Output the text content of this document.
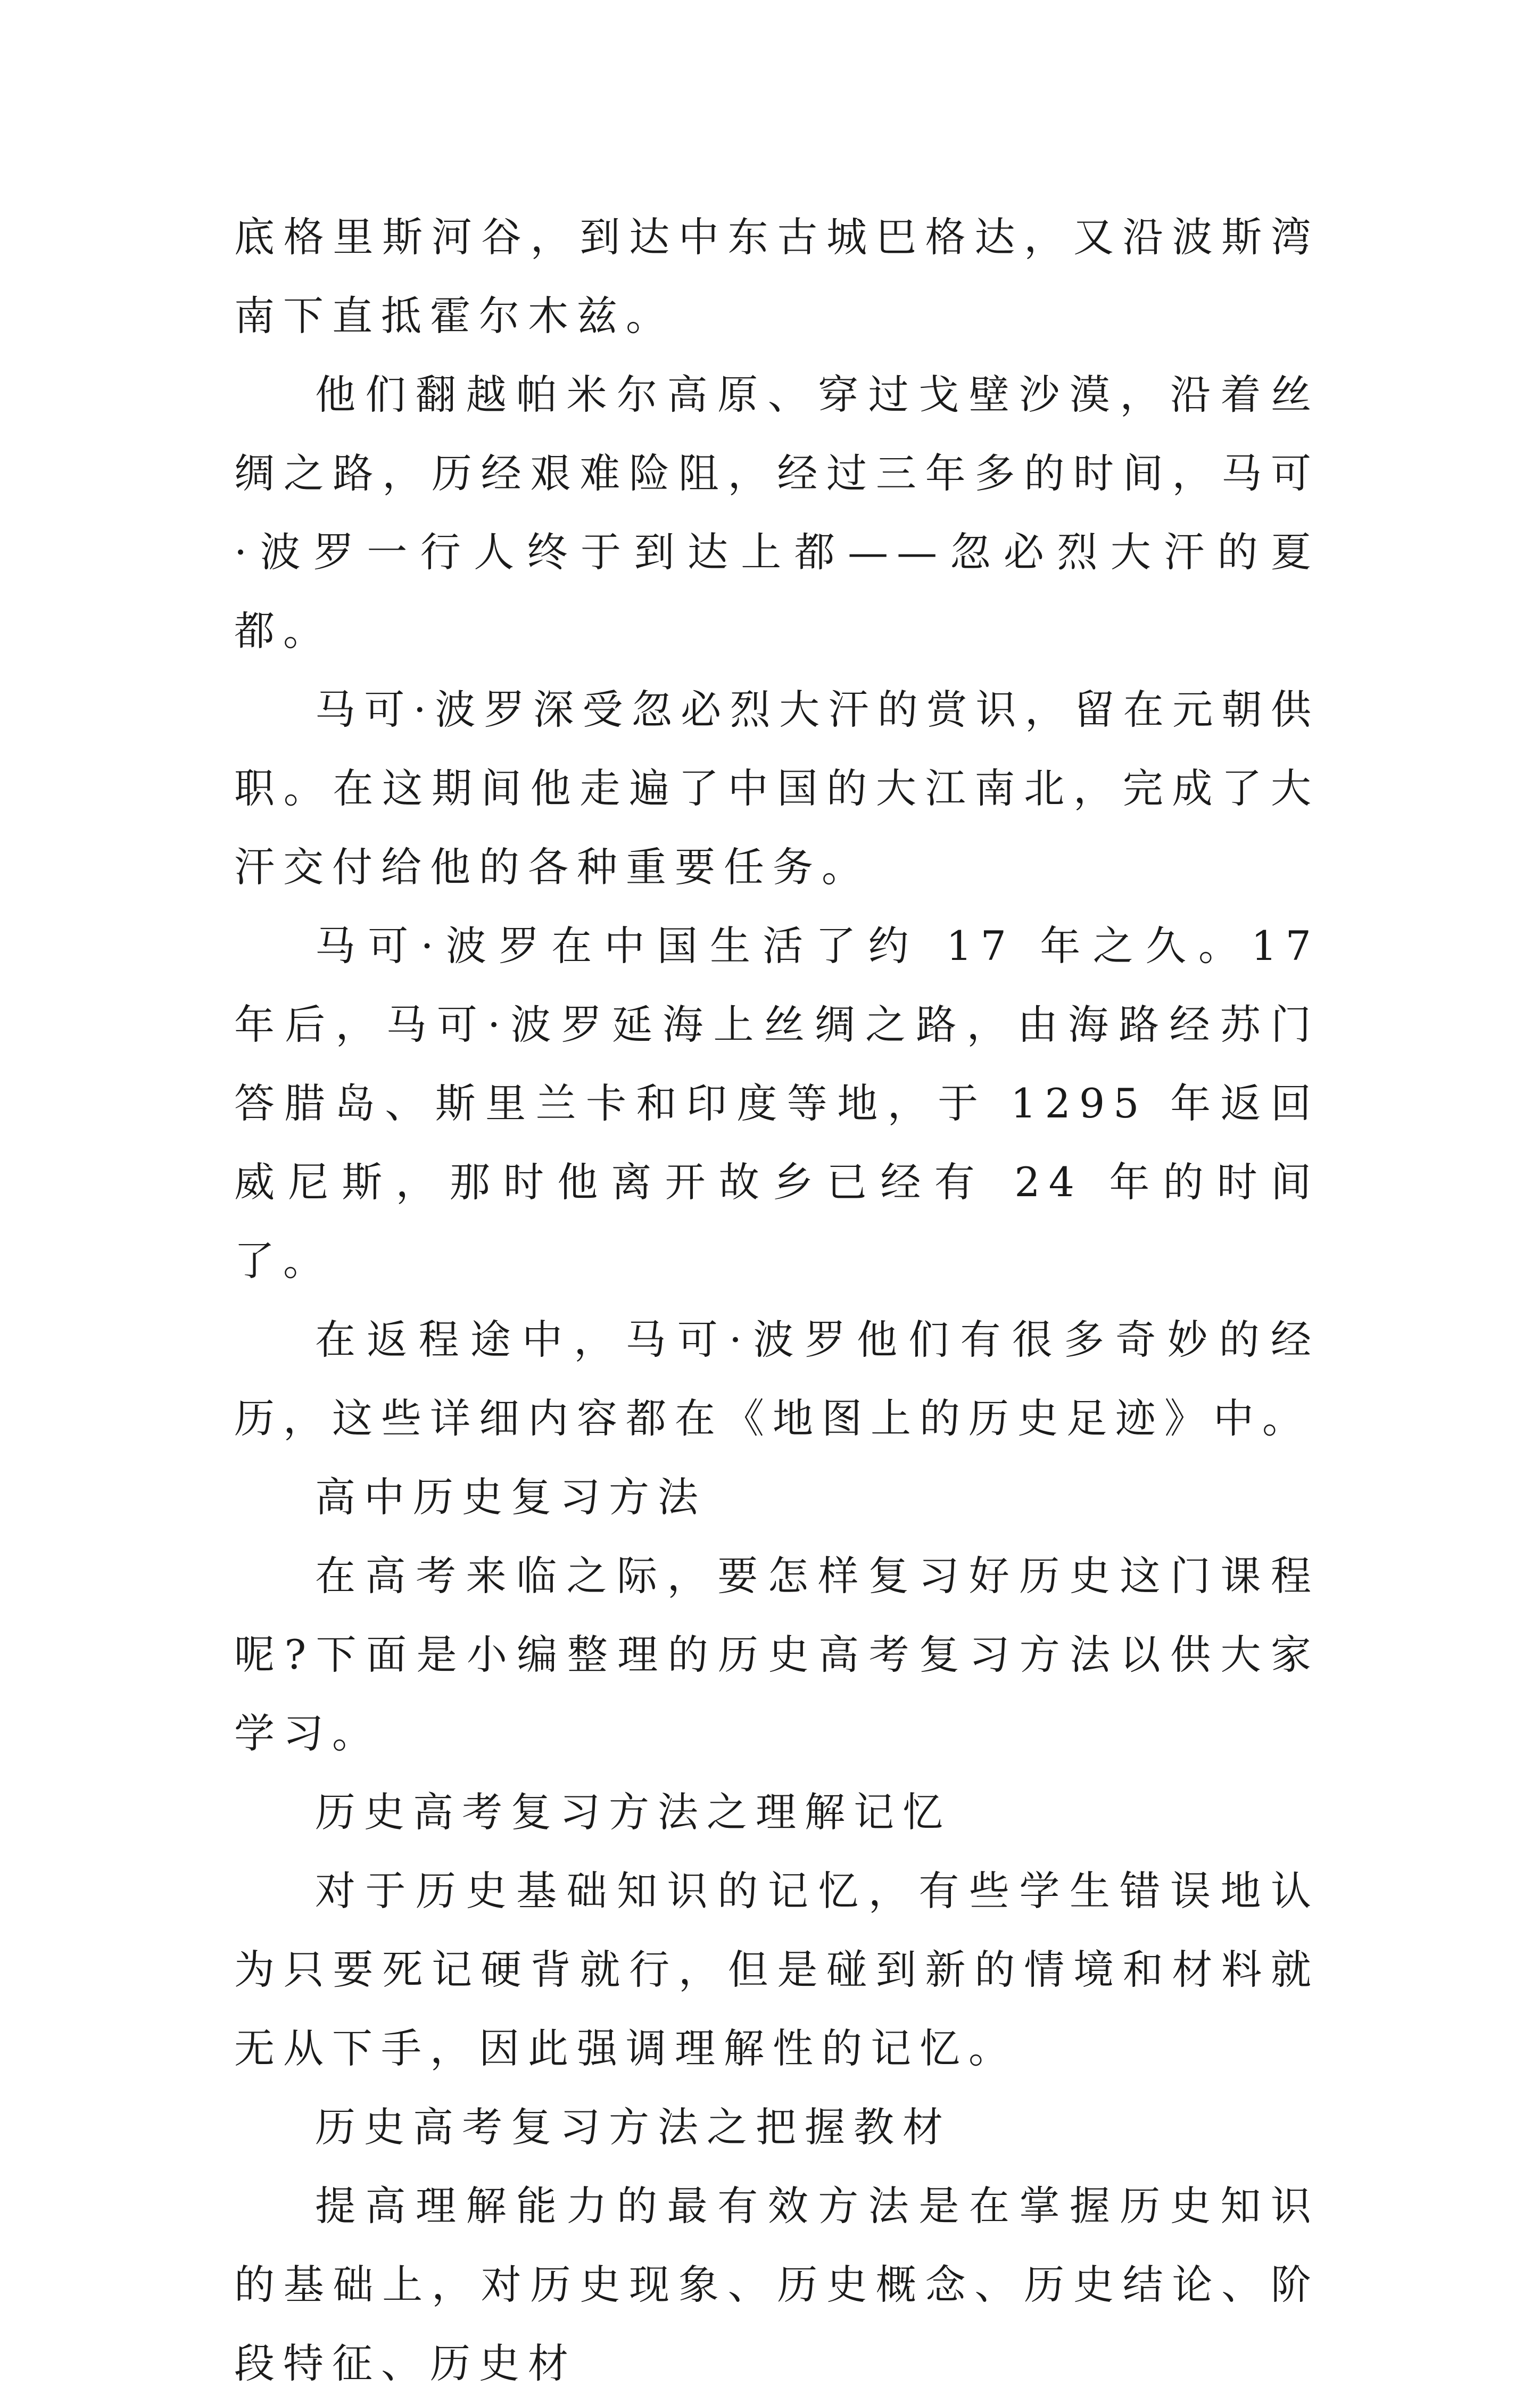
底格里斯河谷，到达中东古城巴格达，又沿波斯湾南下直抵霍尔木兹。

他们翻越帕米尔高原、穿过戈壁沙漠，沿着丝绸之路，历经艰难险阻，经过三年多的时间，马可·波罗一行人终于到达上都——忽必烈大汗的夏都。

马可·波罗深受忽必烈大汗的赏识，留在元朝供职。在这期间他走遍了中国的大江南北，完成了大汗交付给他的各种重要任务。

马可·波罗在中国生活了约 17 年之久。17 年后，马可·波罗延海上丝绸之路，由海路经苏门答腊岛、斯里兰卡和印度等地，于 1295 年返回威尼斯，那时他离开故乡已经有 24 年的时间了。

在返程途中，马可·波罗他们有很多奇妙的经历，这些详细内容都在《地图上的历史足迹》中。

高中历史复习方法

在高考来临之际，要怎样复习好历史这门课程呢?下面是小编整理的历史高考复习方法以供大家学习。

历史高考复习方法之理解记忆

对于历史基础知识的记忆，有些学生错误地认为只要死记硬背就行，但是碰到新的情境和材料就无从下手，因此强调理解性的记忆。

历史高考复习方法之把握教材

提高理解能力的最有效方法是在掌握历史知识的基础上，对历史现象、历史概念、历史结论、阶段特征、历史材
